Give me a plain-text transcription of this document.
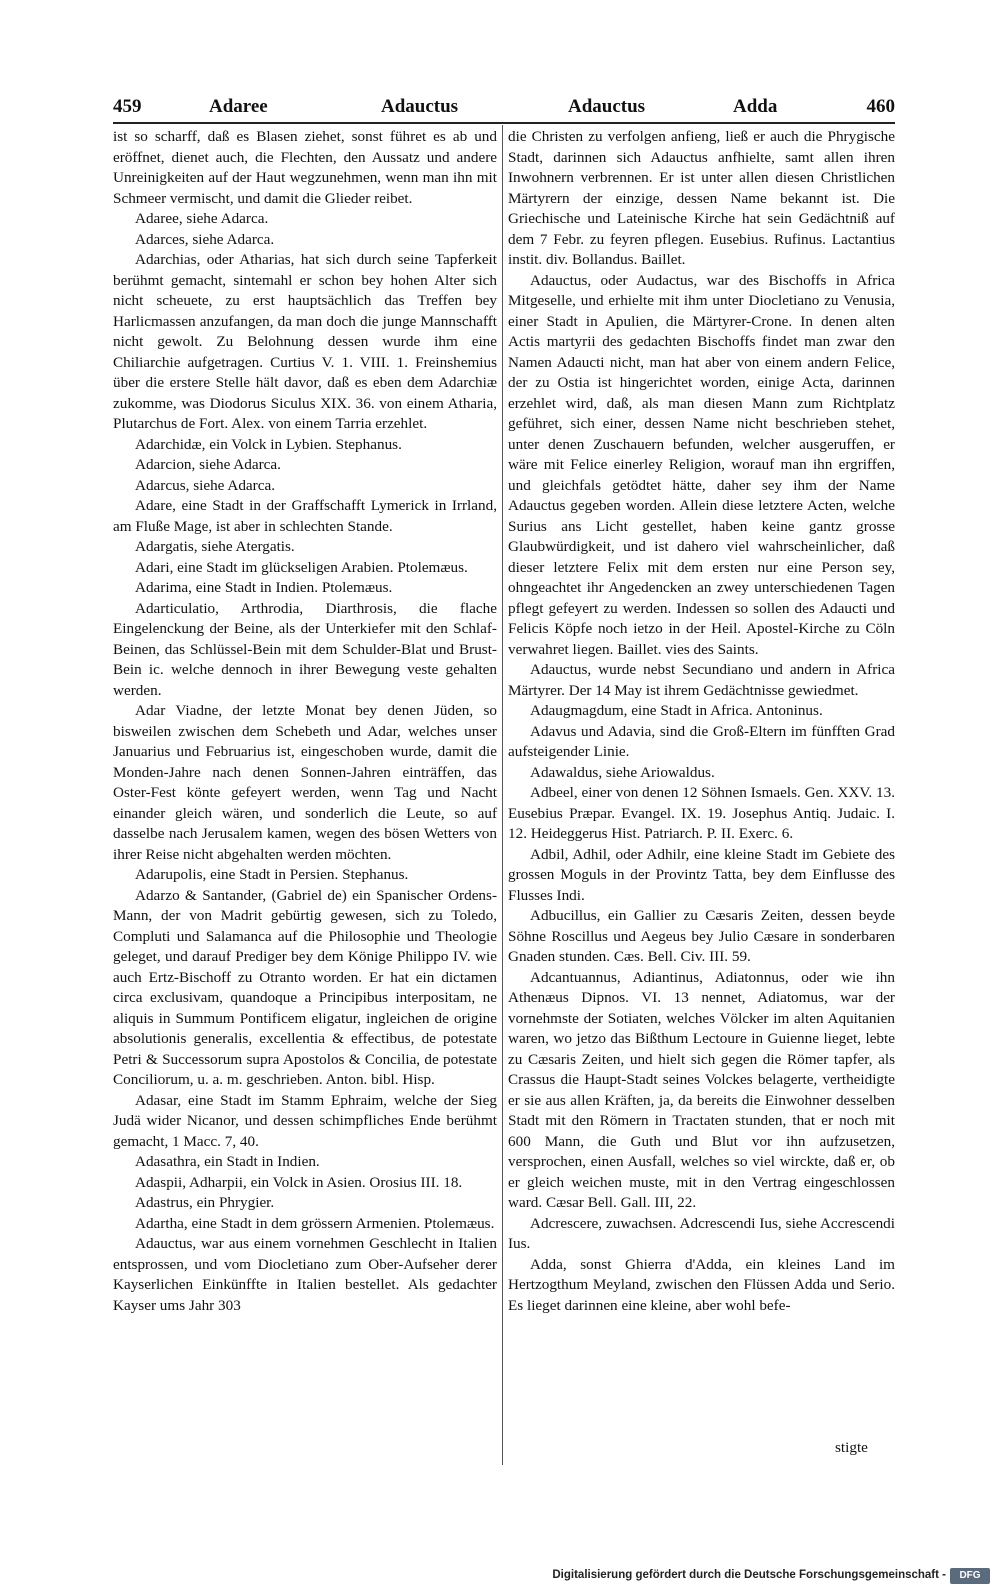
459	Adaree	Adauctus	Adauctus	Adda	460

ist so scharff, daß es Blasen ziehet, sonst führet es ab und eröffnet, dienet auch, die Flechten, den Aussatz und andere Unreinigkeiten auf der Haut wegzunehmen, wenn man ihn mit Schmeer vermischt, und damit die Glieder reibet.

Adaree, siehe Adarca.

Adarces, siehe Adarca.

Adarchias, oder Atharias, hat sich durch seine Tapferkeit berühmt gemacht, sintemahl er schon bey hohen Alter sich nicht scheuete, zu erst hauptsächlich das Treffen bey Harlicmassen anzufangen, da man doch die junge Mannschafft nicht gewolt. Zu Belohnung dessen wurde ihm eine Chiliarchie aufgetragen. Curtius V. 1. VIII. 1. Freinshemius über die erstere Stelle hält davor, daß es eben dem Adarchiæ zukomme, was Diodorus Siculus XIX. 36. von einem Atharia, Plutarchus de Fort. Alex. von einem Tarria erzehlet.

Adarchidæ, ein Volck in Lybien. Stephanus.

Adarcion, siehe Adarca.

Adarcus, siehe Adarca.

Adare, eine Stadt in der Graffschafft Lymerick in Irrland, am Fluße Mage, ist aber in schlechten Stande.

Adargatis, siehe Atergatis.

Adari, eine Stadt im glückseligen Arabien. Ptolemæus.

Adarima, eine Stadt in Indien. Ptolemæus.

Adarticulatio, Arthrodia, Diarthrosis, die flache Eingelenckung der Beine, als der Unterkiefer mit den Schlaf-Beinen, das Schlüssel-Bein mit dem Schulder-Blat und Brust-Bein ic. welche dennoch in ihrer Bewegung veste gehalten werden.

Adar Viadne, der letzte Monat bey denen Jüden, so bisweilen zwischen dem Schebeth und Adar, welches unser Januarius und Februarius ist, eingeschoben wurde, damit die Monden-Jahre nach denen Sonnen-Jahren einträffen, das Oster-Fest könte gefeyert werden, wenn Tag und Nacht einander gleich wären, und sonderlich die Leute, so auf dasselbe nach Jerusalem kamen, wegen des bösen Wetters von ihrer Reise nicht abgehalten werden möchten.

Adarupolis, eine Stadt in Persien. Stephanus.

Adarzo & Santander, (Gabriel de) ein Spanischer Ordens-Mann, der von Madrit gebürtig gewesen, sich zu Toledo, Compluti und Salamanca auf die Philosophie und Theologie geleget, und darauf Prediger bey dem Könige Philippo IV. wie auch Ertz-Bischoff zu Otranto worden. Er hat ein dictamen circa exclusivam, quandoque a Principibus interpositam, ne aliquis in Summum Pontificem eligatur, ingleichen de origine absolutionis generalis, excellentia & effectibus, de potestate Petri & Successorum supra Apostolos & Concilia, de potestate Conciliorum, u. a. m. geschrieben. Anton. bibl. Hisp.

Adasar, eine Stadt im Stamm Ephraim, welche der Sieg Judä wider Nicanor, und dessen schimpfliches Ende berühmt gemacht, 1 Macc. 7, 40.

Adasathra, ein Stadt in Indien.

Adaspii, Adharpii, ein Volck in Asien. Orosius III. 18.

Adastrus, ein Phrygier.

Adartha, eine Stadt in dem grössern Armenien. Ptolemæus.

Adauctus, war aus einem vornehmen Geschlecht in Italien entsprossen, und vom Diocletiano zum Ober-Aufseher derer Kayserlichen Einkünffte in Italien bestellet. Als gedachter Kayser ums Jahr 303

die Christen zu verfolgen anfieng, ließ er auch die Phrygische Stadt, darinnen sich Adauctus anfhielte, samt allen ihren Inwohnern verbrennen. Er ist unter allen diesen Christlichen Märtyrern der einzige, dessen Name bekannt ist. Die Griechische und Lateinische Kirche hat sein Gedächtniß auf dem 7 Febr. zu feyren pflegen. Eusebius. Rufinus. Lactantius instit. div. Bollandus. Baillet.

Adauctus, oder Audactus, war des Bischoffs in Africa Mitgeselle, und erhielte mit ihm unter Diocletiano zu Venusia, einer Stadt in Apulien, die Märtyrer-Crone. In denen alten Actis martyrii des gedachten Bischoffs findet man zwar den Namen Adaucti nicht, man hat aber von einem andern Felice, der zu Ostia ist hingerichtet worden, einige Acta, darinnen erzehlet wird, daß, als man diesen Mann zum Richtplatz geführet, sich einer, dessen Name nicht beschrieben stehet, unter denen Zuschauern befunden, welcher ausgeruffen, er wäre mit Felice einerley Religion, worauf man ihn ergriffen, und gleichfals getödtet hätte, daher sey ihm der Name Adauctus gegeben worden. Allein diese letztere Acten, welche Surius ans Licht gestellet, haben keine gantz grosse Glaubwürdigkeit, und ist dahero viel wahrscheinlicher, daß dieser letztere Felix mit dem ersten nur eine Person sey, ohngeachtet ihr Angedencken an zwey unterschiedenen Tagen pflegt gefeyert zu werden. Indessen so sollen des Adaucti und Felicis Köpfe noch ietzo in der Heil. Apostel-Kirche zu Cöln verwahret liegen. Baillet. vies des Saints.

Adauctus, wurde nebst Secundiano und andern in Africa Märtyrer. Der 14 May ist ihrem Gedächtnisse gewiedmet.

Adaugmagdum, eine Stadt in Africa. Antoninus.

Adavus und Adavia, sind die Groß-Eltern im fünfften Grad aufsteigender Linie.

Adawaldus, siehe Ariowaldus.

Adbeel, einer von denen 12 Söhnen Ismaels. Gen. XXV. 13. Eusebius Præpar. Evangel. IX. 19. Josephus Antiq. Judaic. I. 12. Heideggerus Hist. Patriarch. P. II. Exerc. 6.

Adbil, Adhil, oder Adhilr, eine kleine Stadt im Gebiete des grossen Moguls in der Provintz Tatta, bey dem Einflusse des Flusses Indi.

Adbucillus, ein Gallier zu Cæsaris Zeiten, dessen beyde Söhne Roscillus und Aegeus bey Julio Cæsare in sonderbaren Gnaden stunden. Cæs. Bell. Civ. III. 59.

Adcantuannus, Adiantinus, Adiatonnus, oder wie ihn Athenæus Dipnos. VI. 13 nennet, Adiatomus, war der vornehmste der Sotiaten, welches Völcker im alten Aquitanien waren, wo jetzo das Bißthum Lectoure in Guienne lieget, lebte zu Cæsaris Zeiten, und hielt sich gegen die Römer tapfer, als Crassus die Haupt-Stadt seines Volckes belagerte, vertheidigte er sie aus allen Kräften, ja, da bereits die Einwohner desselben Stadt mit den Römern in Tractaten stunden, that er noch mit 600 Mann, die Guth und Blut vor ihn aufzusetzen, versprochen, einen Ausfall, welches so viel wirckte, daß er, ob er gleich weichen muste, mit in den Vertrag eingeschlossen ward. Cæsar Bell. Gall. III, 22.

Adcrescere, zuwachsen. Adcrescendi Ius, siehe Accrescendi Ius.

Adda, sonst Ghierra d'Adda, ein kleines Land im Hertzogthum Meyland, zwischen den Flüssen Adda und Serio. Es lieget darinnen eine kleine, aber wohl befe-

stigte
Digitalisierung gefördert durch die Deutsche Forschungsgemeinschaft -	DFG
